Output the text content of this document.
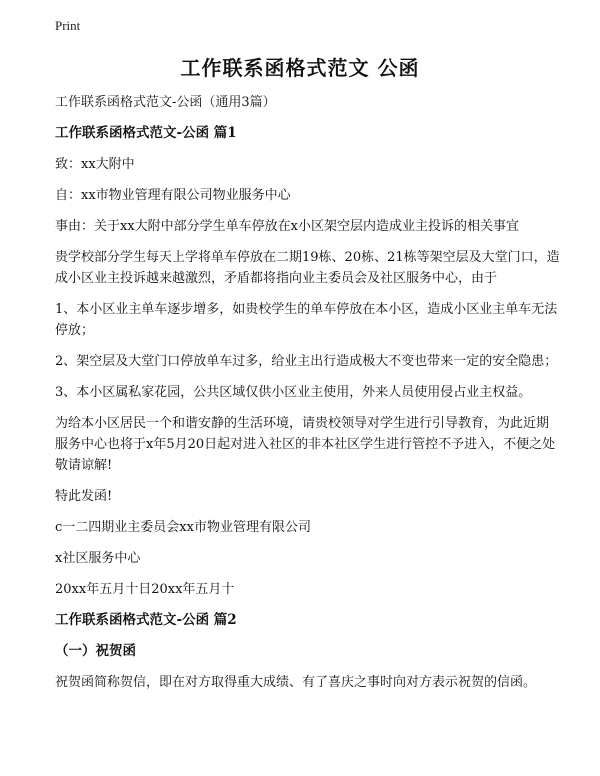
Print
工作联系函格式范文 公函

工作联系函格式范文-公函（通用3篇）

工作联系函格式范文-公函 篇1

致：xx大附中

自：xx市物业管理有限公司物业服务中心

事由：关于xx大附中部分学生单车停放在x小区架空层内造成业主投诉的相关事宜

贵学校部分学生每天上学将单车停放在二期19栋、20栋、21栋等架空层及大堂门口，造成小区业主投诉越来越激烈，矛盾都将指向业主委员会及社区服务中心，由于

1、本小区业主单车逐步增多，如贵校学生的单车停放在本小区，造成小区业主单车无法停放；

2、架空层及大堂门口停放单车过多，给业主出行造成极大不变也带来一定的安全隐患；

3、本小区属私家花园，公共区域仅供小区业主使用，外来人员使用侵占业主权益。

为给本小区居民一个和谐安静的生活环境，请贵校领导对学生进行引导教育，为此近期服务中心也将于x年5月20日起对进入社区的非本社区学生进行管控不予进入，不便之处敬请谅解!

特此发函!

c一二四期业主委员会xx市物业管理有限公司

x社区服务中心

20xx年五月十日20xx年五月十

工作联系函格式范文-公函 篇2

（一）祝贺函

祝贺函简称贺信，即在对方取得重大成绩、有了喜庆之事时向对方表示祝贺的信函。
